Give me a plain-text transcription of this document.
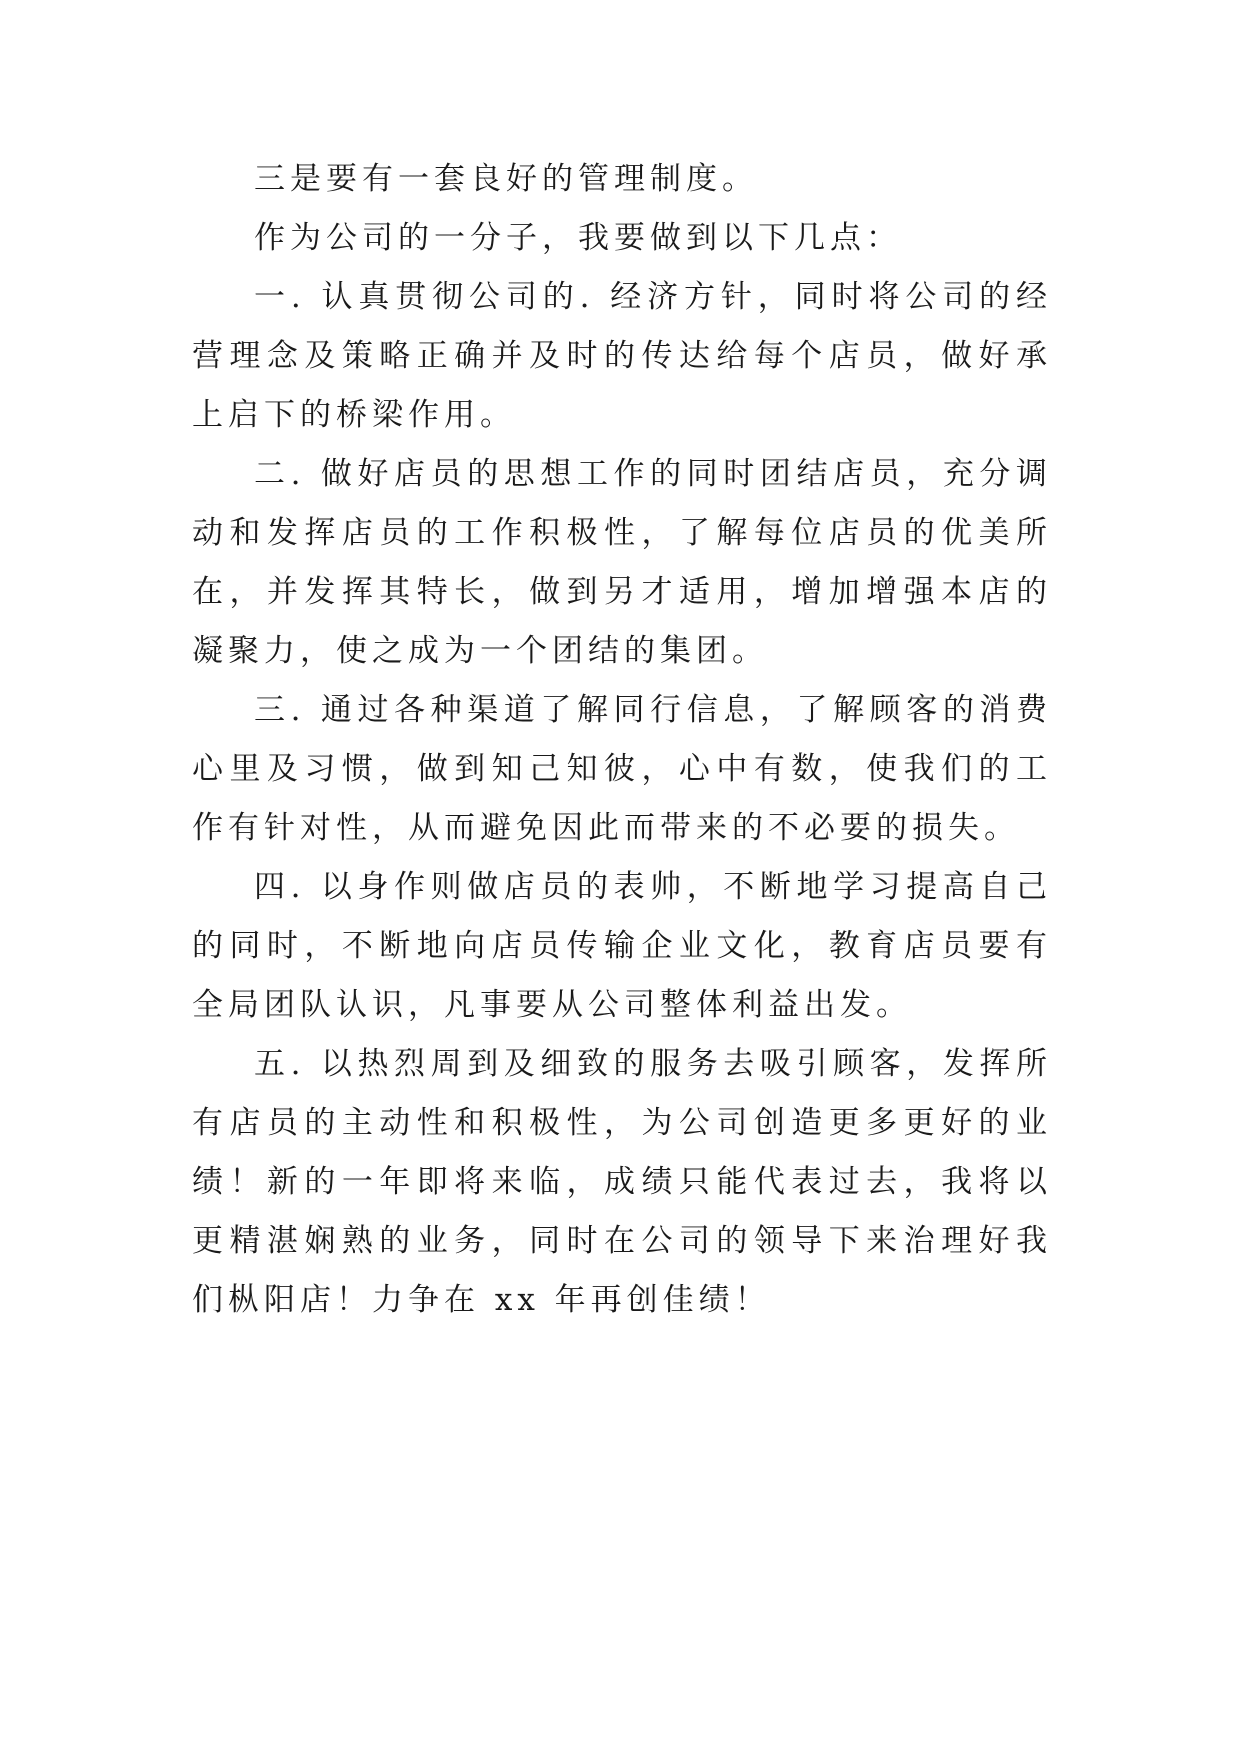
三是要有一套良好的管理制度。

作为公司的一分子，我要做到以下几点：

一. 认真贯彻公司的. 经济方针，同时将公司的经营理念及策略正确并及时的传达给每个店员，做好承上启下的桥梁作用。

二. 做好店员的思想工作的同时团结店员，充分调动和发挥店员的工作积极性，了解每位店员的优美所在，并发挥其特长，做到另才适用，增加增强本店的凝聚力，使之成为一个团结的集团。

三. 通过各种渠道了解同行信息，了解顾客的消费心里及习惯，做到知己知彼，心中有数，使我们的工作有针对性，从而避免因此而带来的不必要的损失。

四. 以身作则做店员的表帅，不断地学习提高自己的同时，不断地向店员传输企业文化，教育店员要有全局团队认识，凡事要从公司整体利益出发。

五. 以热烈周到及细致的服务去吸引顾客，发挥所有店员的主动性和积极性，为公司创造更多更好的业绩！新的一年即将来临，成绩只能代表过去，我将以更精湛娴熟的业务，同时在公司的领导下来治理好我们枞阳店！力争在 xx 年再创佳绩！
